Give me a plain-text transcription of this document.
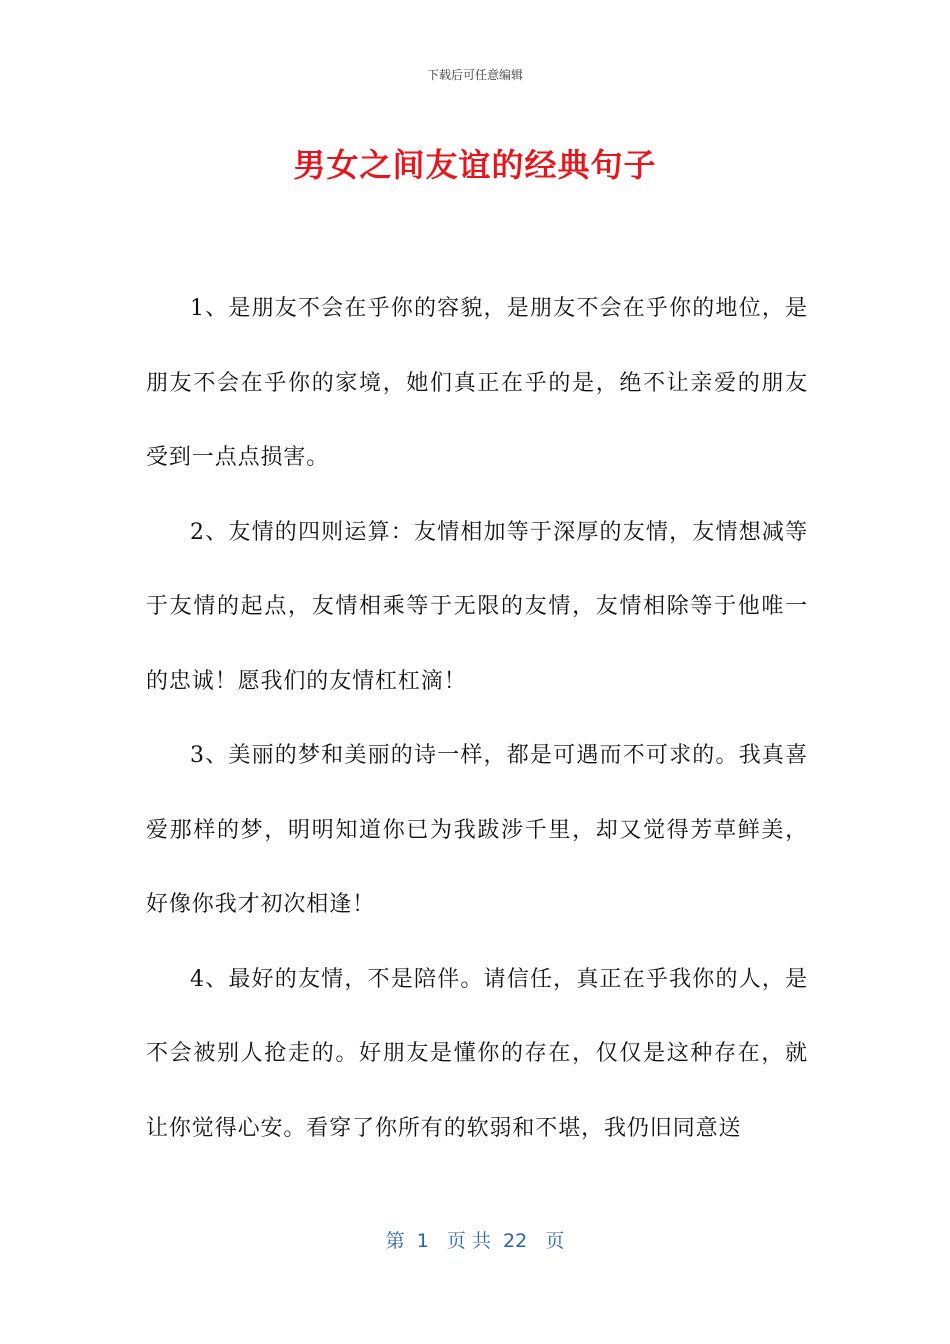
下载后可任意编辑
男女之间友谊的经典句子

1、是朋友不会在乎你的容貌，是朋友不会在乎你的地位，是朋友不会在乎你的家境，她们真正在乎的是，绝不让亲爱的朋友受到一点点损害。

2、友情的四则运算：友情相加等于深厚的友情，友情想减等于友情的起点，友情相乘等于无限的友情，友情相除等于他唯一的忠诚！愿我们的友情杠杠滴！

3、美丽的梦和美丽的诗一样，都是可遇而不可求的。我真喜爱那样的梦，明明知道你已为我跋涉千里，却又觉得芳草鲜美，好像你我才初次相逢！

4、最好的友情，不是陪伴。请信任，真正在乎我你的人，是不会被别人抢走的。好朋友是懂你的存在，仅仅是这种存在，就让你觉得心安。看穿了你所有的软弱和不堪，我仍旧同意送

第  1   页 共  22   页
